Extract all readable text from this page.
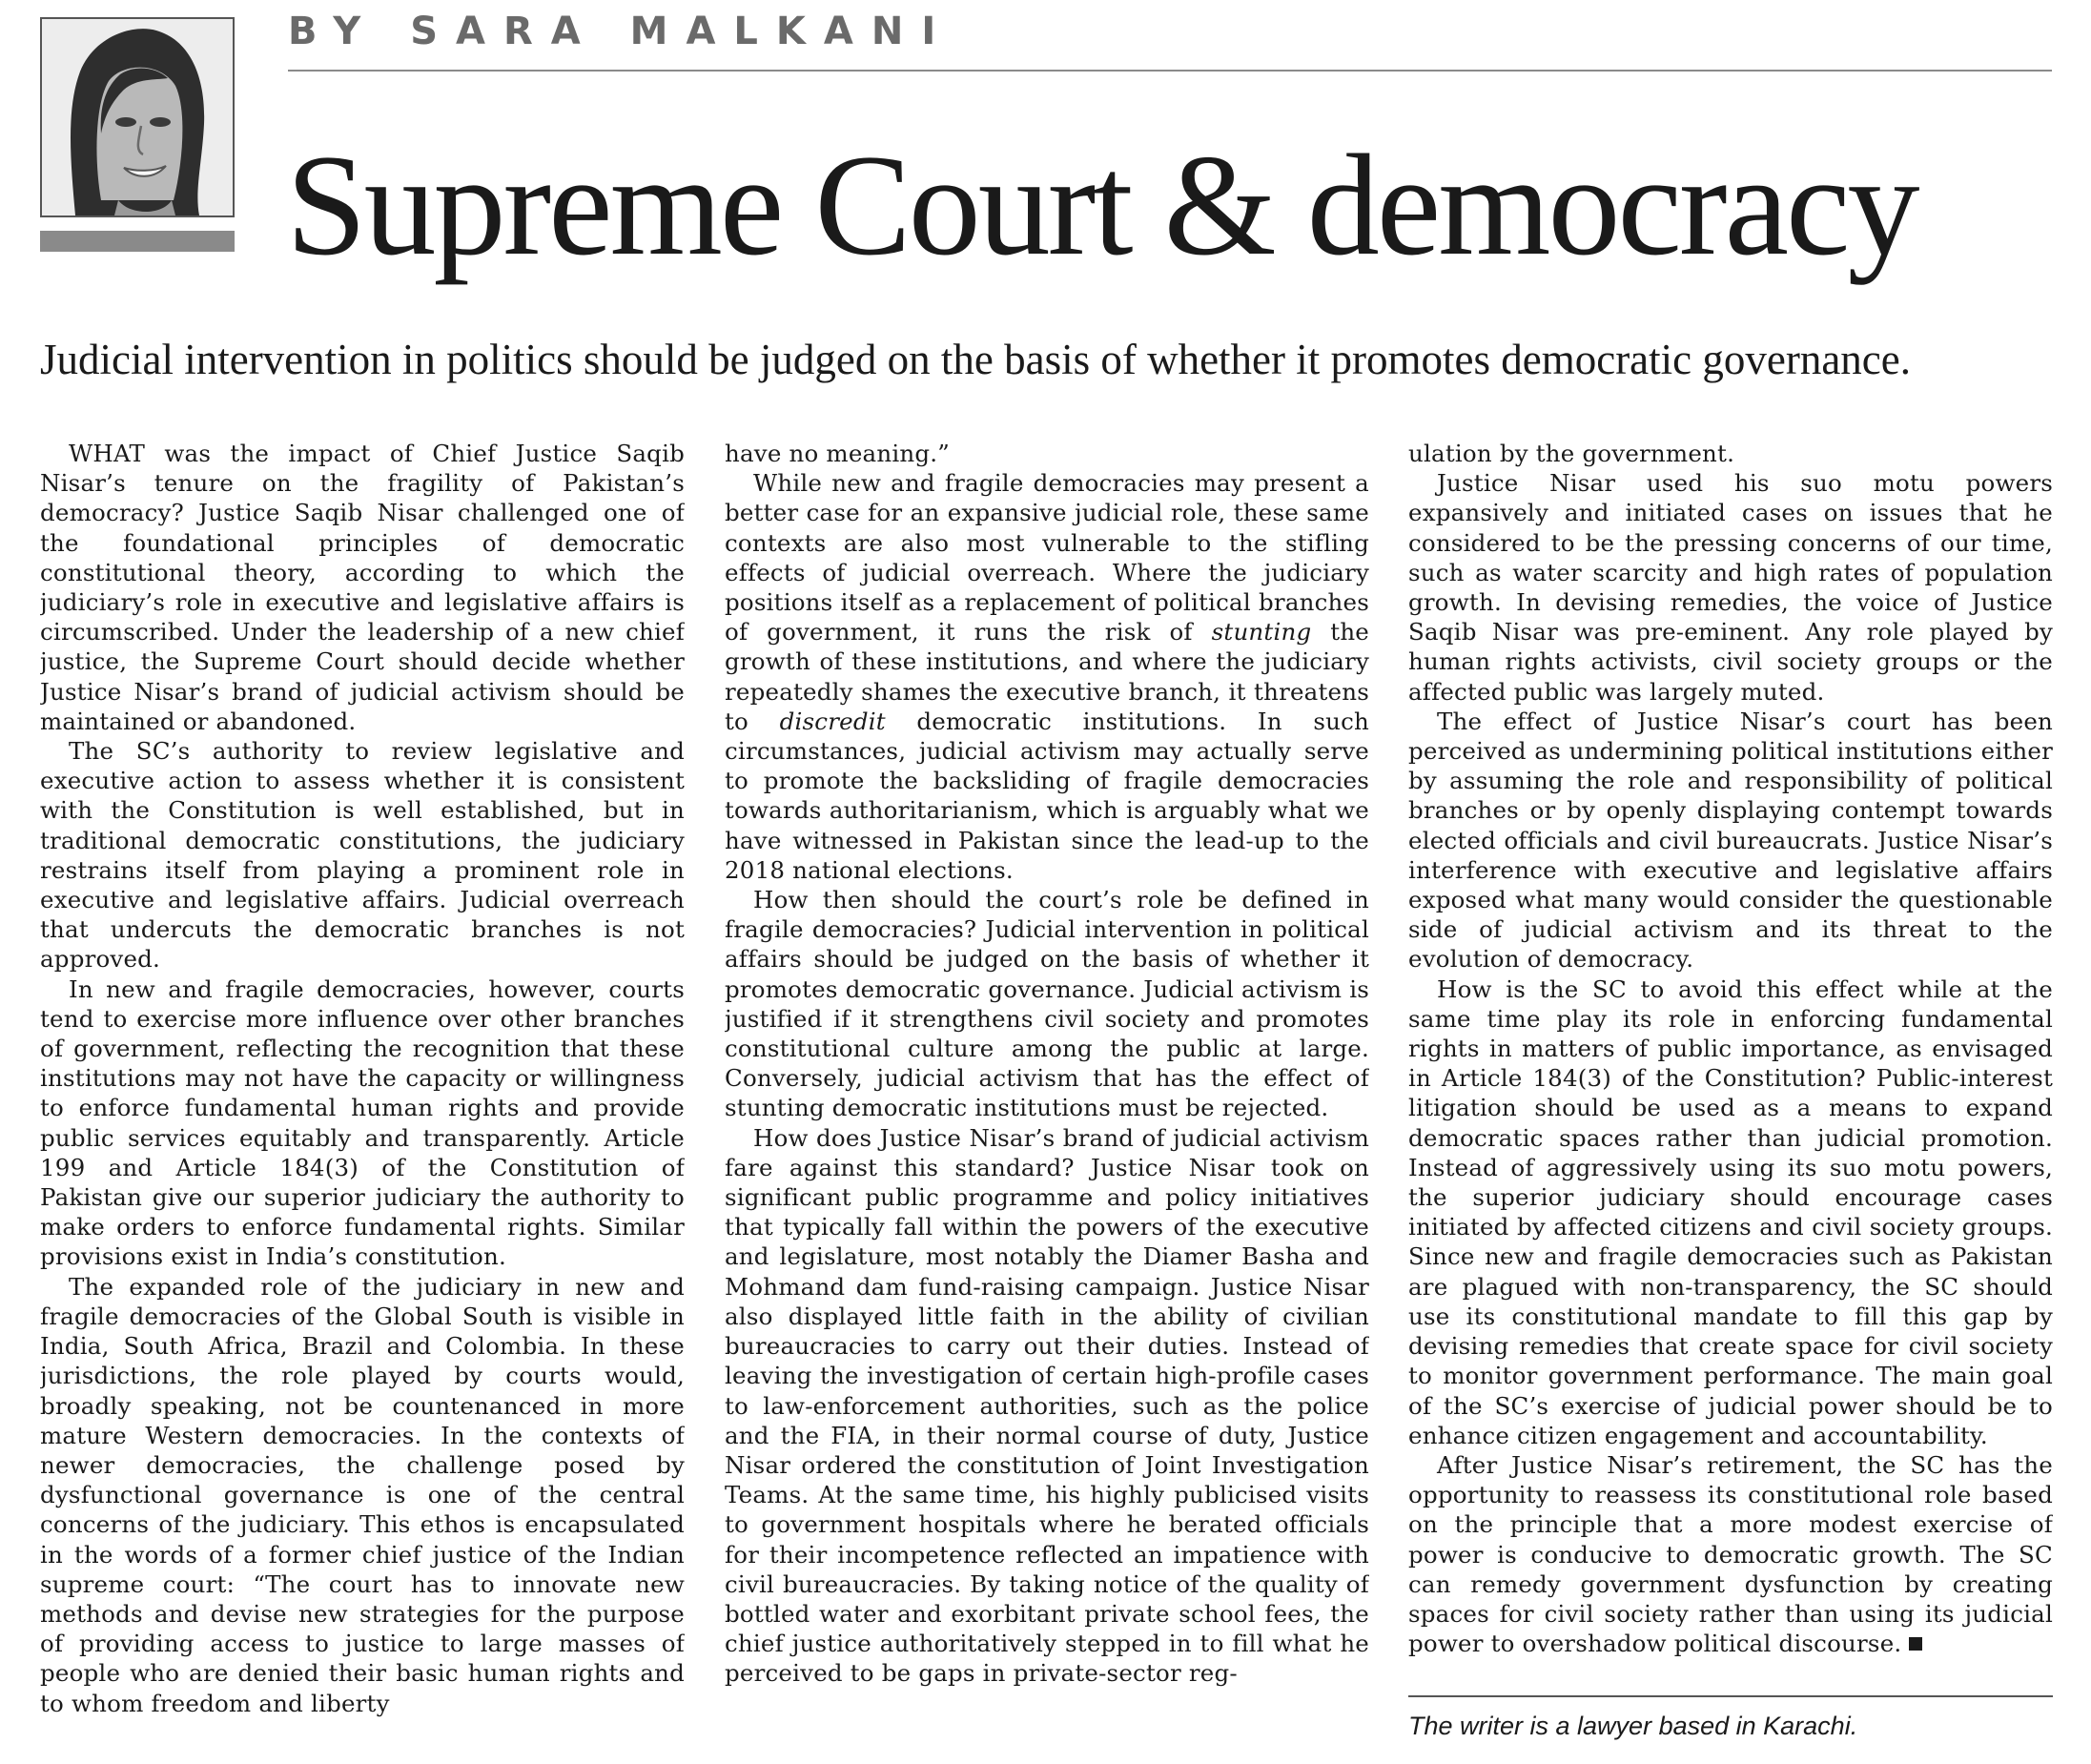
BY SARA MALKANI
Supreme Court & democracy

Judicial intervention in politics should be judged on the basis of whether it promotes democratic governance.

WHAT was the impact of Chief Justice Saqib Nisar’s tenure on the fragility of Pakistan’s democracy? Justice Saqib Nisar challenged one of the foundational principles of democratic constitutional theory, according to which the judiciary’s role in executive and legislative affairs is circumscribed. Under the leadership of a new chief justice, the Supreme Court should decide whether Justice Nisar’s brand of judicial activism should be maintained or abandoned.

The SC’s authority to review legislative and executive action to assess whether it is consistent with the Constitution is well established, but in traditional democratic constitutions, the judiciary restrains itself from playing a prominent role in executive and legislative affairs. Judicial overreach that undercuts the democratic branches is not approved.

In new and fragile democracies, however, courts tend to exercise more influence over other branches of government, reflecting the recognition that these institutions may not have the capacity or willingness to enforce fundamental human rights and provide public services equitably and transparently. Article 199 and Article 184(3) of the Constitution of Pakistan give our superior judiciary the authority to make orders to enforce fundamental rights. Similar provisions exist in India’s constitution.

The expanded role of the judiciary in new and fragile democracies of the Global South is visible in India, South Africa, Brazil and Colombia. In these jurisdictions, the role played by courts would, broadly speaking, not be countenanced in more mature Western democracies. In the contexts of newer democracies, the challenge posed by dysfunctional governance is one of the central concerns of the judiciary. This ethos is encapsulated in the words of a former chief justice of the Indian supreme court: “The court has to innovate new methods and devise new strategies for the purpose of providing access to justice to large masses of people who are denied their basic human rights and to whom freedom and liberty

have no meaning.”

While new and fragile democracies may present a better case for an expansive judicial role, these same contexts are also most vulnerable to the stifling effects of judicial overreach. Where the judiciary positions itself as a replacement of political branches of government, it runs the risk of stunting the growth of these institutions, and where the judiciary repeatedly shames the executive branch, it threatens to discredit democratic institutions. In such circumstances, judicial activism may actually serve to promote the backsliding of fragile democracies towards authoritarianism, which is arguably what we have witnessed in Pakistan since the lead-up to the 2018 national elections.

How then should the court’s role be defined in fragile democracies? Judicial intervention in political affairs should be judged on the basis of whether it promotes democratic governance. Judicial activism is justified if it strengthens civil society and promotes constitutional culture among the public at large. Conversely, judicial activism that has the effect of stunting democratic institutions must be rejected.

How does Justice Nisar’s brand of judicial activism fare against this standard? Justice Nisar took on significant public programme and policy initiatives that typically fall within the powers of the executive and legislature, most notably the Diamer Basha and Mohmand dam fund-raising campaign. Justice Nisar also displayed little faith in the ability of civilian bureaucracies to carry out their duties. Instead of leaving the investigation of certain high-profile cases to law-enforcement authorities, such as the police and the FIA, in their normal course of duty, Justice Nisar ordered the constitution of Joint Investigation Teams. At the same time, his highly publicised visits to government hospitals where he berated officials for their incompetence reflected an impatience with civil bureaucracies. By taking notice of the quality of bottled water and exorbitant private school fees, the chief justice authoritatively stepped in to fill what he perceived to be gaps in private-sector reg-

ulation by the government.

Justice Nisar used his suo motu powers expansively and initiated cases on issues that he considered to be the pressing concerns of our time, such as water scarcity and high rates of population growth. In devising remedies, the voice of Justice Saqib Nisar was pre-eminent. Any role played by human rights activists, civil society groups or the affected public was largely muted.

The effect of Justice Nisar’s court has been perceived as undermining political institutions either by assuming the role and responsibility of political branches or by openly displaying contempt towards elected officials and civil bureaucrats. Justice Nisar’s interference with executive and legislative affairs exposed what many would consider the questionable side of judicial activism and its threat to the evolution of democracy.

How is the SC to avoid this effect while at the same time play its role in enforcing fundamental rights in matters of public importance, as envisaged in Article 184(3) of the Constitution? Public-interest litigation should be used as a means to expand democratic spaces rather than judicial promotion. Instead of aggressively using its suo motu powers, the superior judiciary should encourage cases initiated by affected citizens and civil society groups. Since new and fragile democracies such as Pakistan are plagued with non-transparency, the SC should use its constitutional mandate to fill this gap by devising remedies that create space for civil society to monitor government performance. The main goal of the SC’s exercise of judicial power should be to enhance citizen engagement and accountability.

After Justice Nisar’s retirement, the SC has the opportunity to reassess its constitutional role based on the principle that a more modest exercise of power is conducive to democratic growth. The SC can remedy government dysfunction by creating spaces for civil society rather than using its judicial power to overshadow political discourse.

The writer is a lawyer based in Karachi.
